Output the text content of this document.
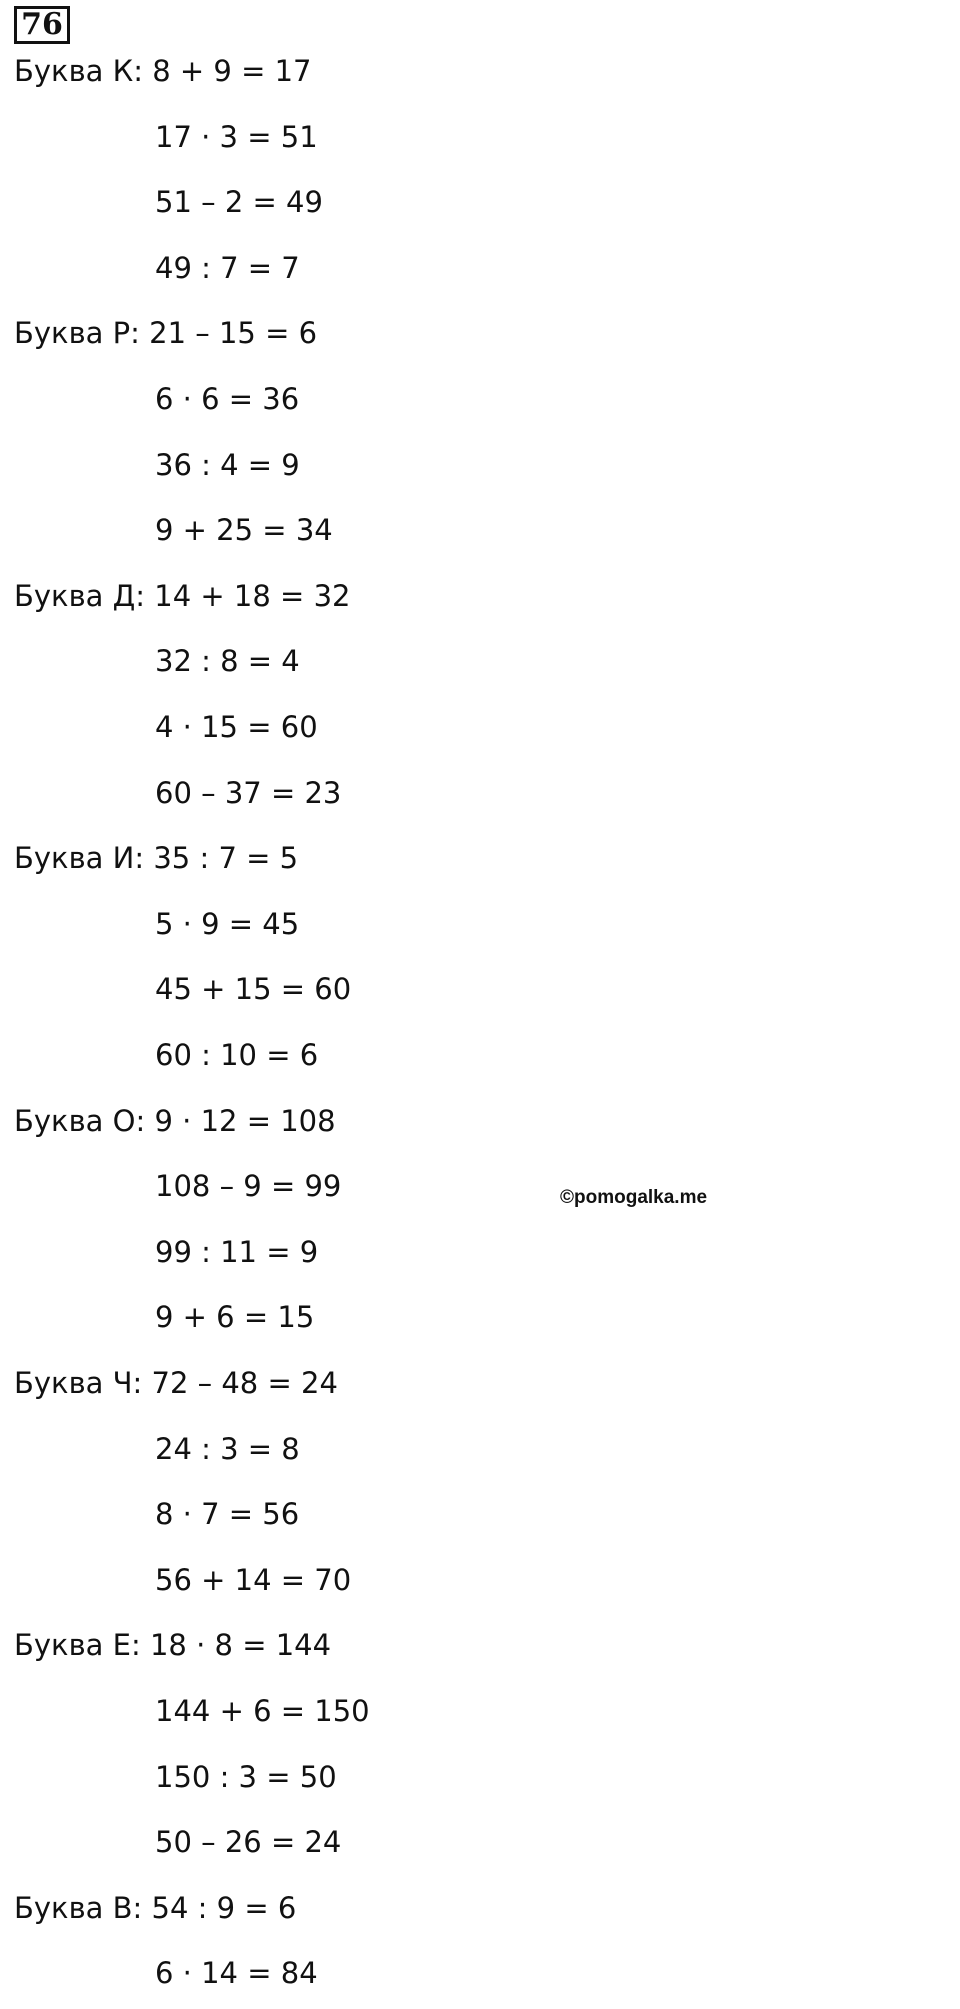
76
Буква К: 8 + 9 = 17
17 · 3 = 51
51 – 2 = 49
49 : 7 = 7
Буква Р: 21 – 15 = 6
6 · 6 = 36
36 : 4 = 9
9 + 25 = 34
Буква Д: 14 + 18 = 32
32 : 8 = 4
4 · 15 = 60
60 – 37 = 23
Буква И: 35 : 7 = 5
5 · 9 = 45
45 + 15 = 60
60 : 10 = 6
Буква О: 9 · 12 = 108
108 – 9 = 99
99 : 11 = 9
9 + 6 = 15
Буква Ч: 72 – 48 = 24
24 : 3 = 8
8 · 7 = 56
56 + 14 = 70
Буква Е: 18 · 8 = 144
144 + 6 = 150
150 : 3 = 50
50 – 26 = 24
Буква В: 54 : 9 = 6
6 · 14 = 84
©pomogalka.me
